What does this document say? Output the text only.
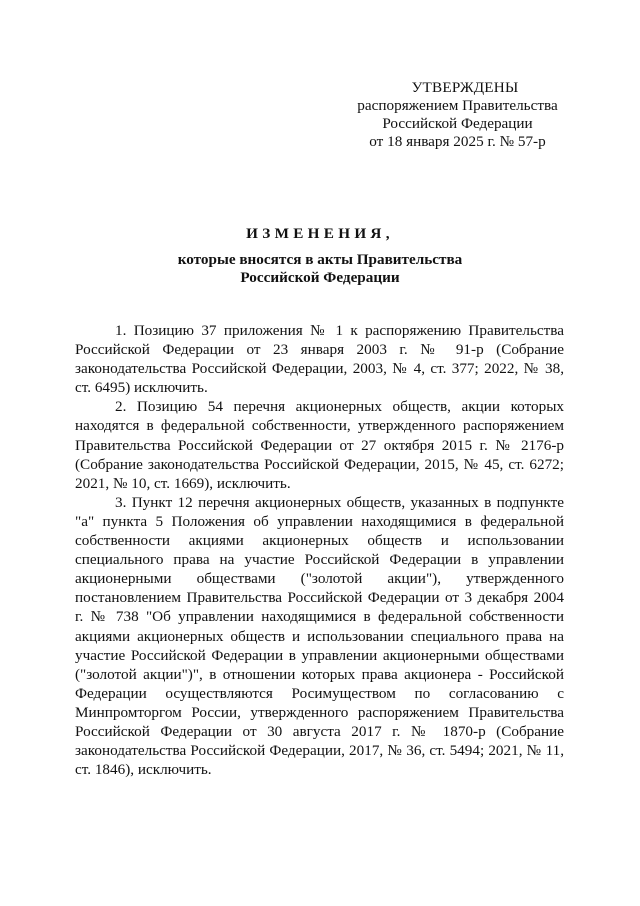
УТВЕРЖДЕНЫ
распоряжением Правительства
Российской Федерации
от 18 января 2025 г. № 57-р
ИЗМЕНЕНИЯ,
которые вносятся в акты Правительства
Российской Федерации

1. Позицию 37 приложения № 1 к распоряжению Правительства Российской Федерации от 23 января 2003 г. № 91-р (Собрание законодательства Российской Федерации, 2003, № 4, ст. 377; 2022, № 38, ст. 6495) исключить.

2. Позицию 54 перечня акционерных обществ, акции которых находятся в федеральной собственности, утвержденного распоряжением Правительства Российской Федерации от 27 октября 2015 г. № 2176-р (Собрание законодательства Российской Федерации, 2015, № 45, ст. 6272; 2021, № 10, ст. 1669), исключить.

3. Пункт 12 перечня акционерных обществ, указанных в подпункте "а" пункта 5 Положения об управлении находящимися в федеральной собственности акциями акционерных обществ и использовании специального права на участие Российской Федерации в управлении акционерными обществами ("золотой акции"), утвержденного постановлением Правительства Российской Федерации от 3 декабря 2004 г. № 738 "Об управлении находящимися в федеральной собственности акциями акционерных обществ и использовании специального права на участие Российской Федерации в управлении акционерными обществами ("золотой акции")", в отношении которых права акционера - Российской Федерации осуществляются Росимуществом по согласованию с Минпромторгом России, утвержденного распоряжением Правительства Российской Федерации от 30 августа 2017 г. № 1870-р (Собрание законодательства Российской Федерации, 2017, № 36, ст. 5494; 2021, № 11, ст. 1846), исключить.
